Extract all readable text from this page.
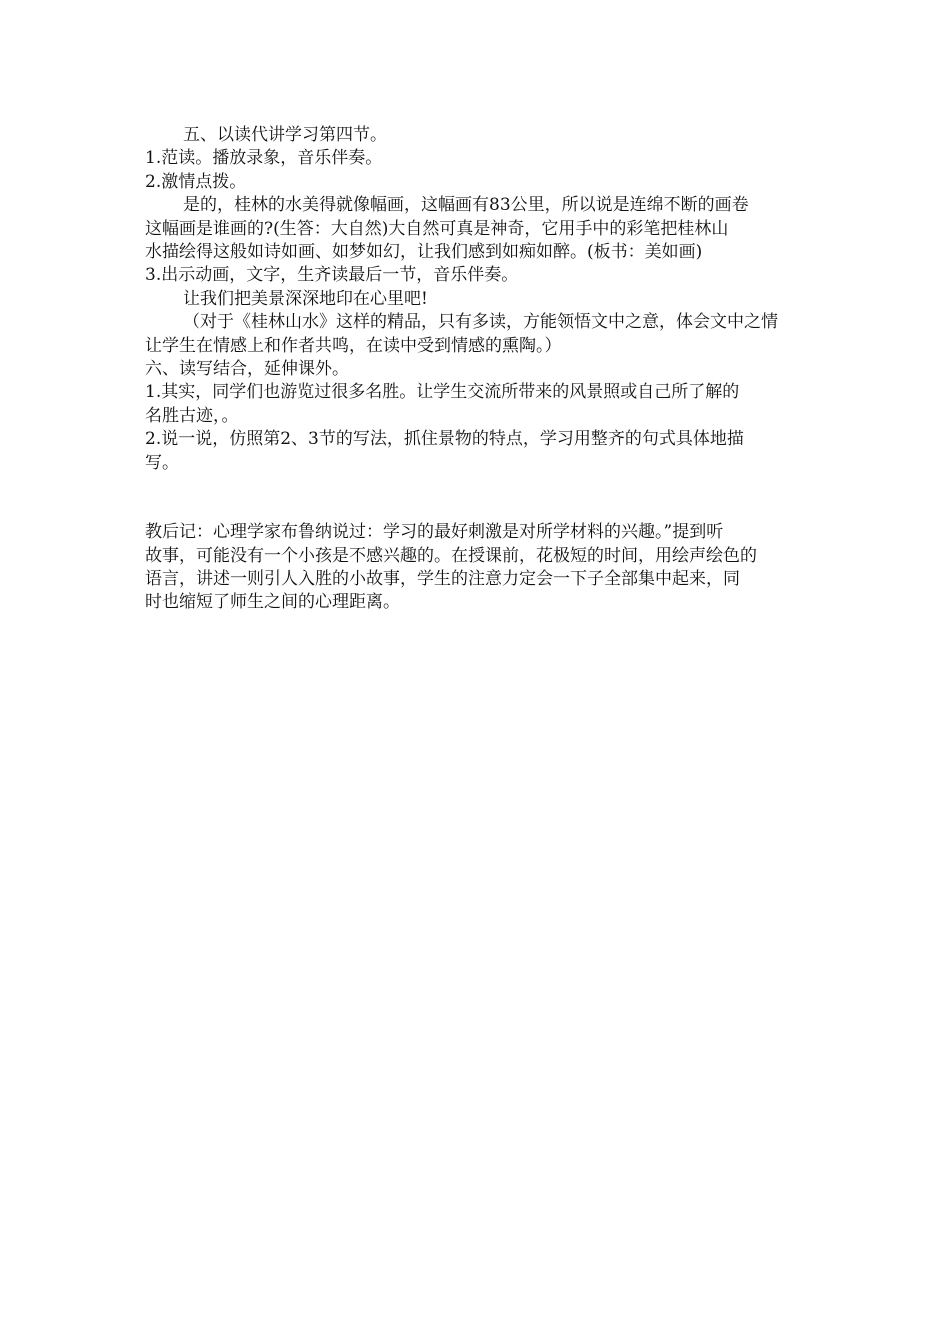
五、以读代讲学习第四节。
1.范读。播放录象，音乐伴奏。
2.激情点拨。
是的，桂林的水美得就像幅画，这幅画有83公里，所以说是连绵不断的画卷
这幅画是谁画的?(生答：大自然)大自然可真是神奇，它用手中的彩笔把桂林山
水描绘得这般如诗如画、如梦如幻，让我们感到如痴如醉。(板书：美如画)
3.出示动画，文字，生齐读最后一节，音乐伴奏。
让我们把美景深深地印在心里吧!
（对于《桂林山水》这样的精品，只有多读，方能领悟文中之意，体会文中之情
让学生在情感上和作者共鸣，在读中受到情感的熏陶。）
六、读写结合，延伸课外。
1.其实，同学们也游览过很多名胜。让学生交流所带来的风景照或自己所了解的
名胜古迹，。
2.说一说，仿照第2、3节的写法，抓住景物的特点，学习用整齐的句式具体地描
写。
教后记：心理学家布鲁纳说过：学习的最好刺激是对所学材料的兴趣。”提到听
故事，可能没有一个小孩是不感兴趣的。在授课前，花极短的时间，用绘声绘色的
语言，讲述一则引人入胜的小故事，学生的注意力定会一下子全部集中起来，同
时也缩短了师生之间的心理距离。
